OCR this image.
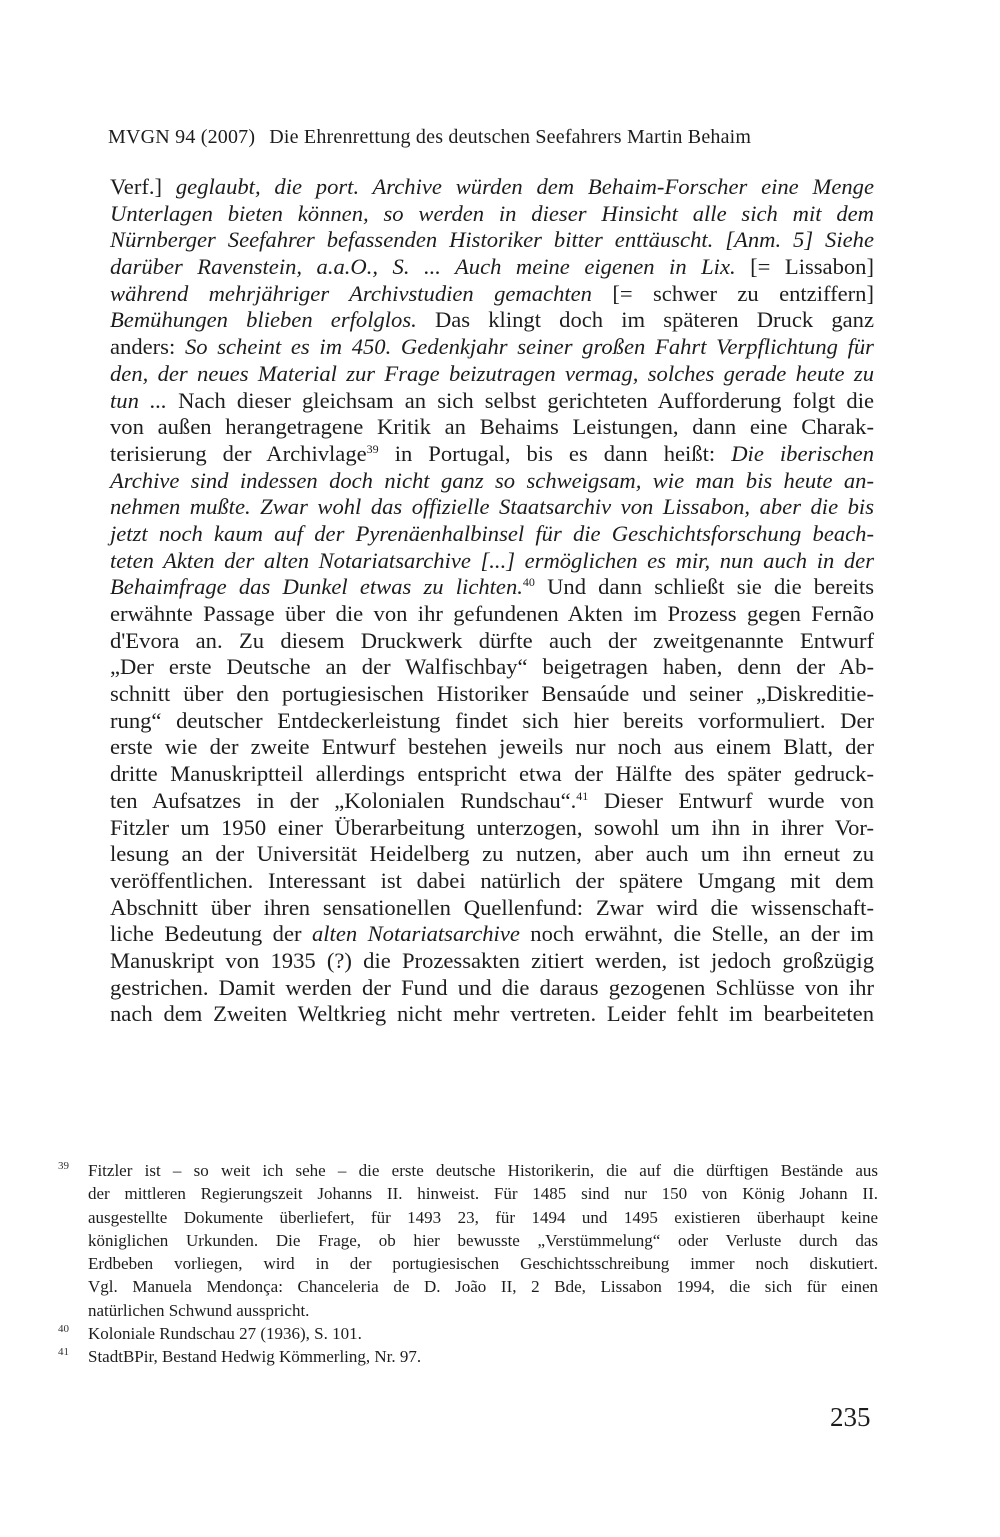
MVGN 94 (2007) Die Ehrenrettung des deutschen Seefahrers Martin Behaim
Verf.] geglaubt, die port. Archive würden dem Behaim-Forscher eine Menge
Unterlagen bieten können, so werden in dieser Hinsicht alle sich mit dem
Nürnberger Seefahrer befassenden Historiker bitter enttäuscht. [Anm. 5] Siehe
darüber Ravenstein, a.a.O., S. ... Auch meine eigenen in Lix. [= Lissabon]
während mehrjähriger Archivstudien gemachten [= schwer zu entziffern]
Bemühungen blieben erfolglos. Das klingt doch im späteren Druck ganz
anders: So scheint es im 450. Gedenkjahr seiner großen Fahrt Verpflichtung für
den, der neues Material zur Frage beizutragen vermag, solches gerade heute zu
tun ... Nach dieser gleichsam an sich selbst gerichteten Aufforderung folgt die
von außen herangetragene Kritik an Behaims Leistungen, dann eine Charak-
terisierung der Archivlage$^{39}$ in Portugal, bis es dann heißt: Die iberischen
Archive sind indessen doch nicht ganz so schweigsam, wie man bis heute an-
nehmen mußte. Zwar wohl das offizielle Staatsarchiv von Lissabon, aber die bis
jetzt noch kaum auf der Pyrenäenhalbinsel für die Geschichtsforschung beach-
teten Akten der alten Notariatsarchive [...] ermöglichen es mir, nun auch in der
Behaimfrage das Dunkel etwas zu lichten.$^{40}$ Und dann schließt sie die bereits
erwähnte Passage über die von ihr gefundenen Akten im Prozess gegen Fernão
d'Evora an. Zu diesem Druckwerk dürfte auch der zweitgenannte Entwurf
„Der erste Deutsche an der Walfischbay“ beigetragen haben, denn der Ab-
schnitt über den portugiesischen Historiker Bensaúde und seiner „Diskreditie-
rung“ deutscher Entdeckerleistung findet sich hier bereits vorformuliert. Der
erste wie der zweite Entwurf bestehen jeweils nur noch aus einem Blatt, der
dritte Manuskriptteil allerdings entspricht etwa der Hälfte des später gedruck-
ten Aufsatzes in der „Kolonialen Rundschau“.$^{41}$ Dieser Entwurf wurde von
Fitzler um 1950 einer Überarbeitung unterzogen, sowohl um ihn in ihrer Vor-
lesung an der Universität Heidelberg zu nutzen, aber auch um ihn erneut zu
veröffentlichen. Interessant ist dabei natürlich der spätere Umgang mit dem
Abschnitt über ihren sensationellen Quellenfund: Zwar wird die wissenschaft-
liche Bedeutung der alten Notariatsarchive noch erwähnt, die Stelle, an der im
Manuskript von 1935 (?) die Prozessakten zitiert werden, ist jedoch großzügig
gestrichen. Damit werden der Fund und die daraus gezogenen Schlüsse von ihr
nach dem Zweiten Weltkrieg nicht mehr vertreten. Leider fehlt im bearbeiteten
39	Fitzler ist – so weit ich sehe – die erste deutsche Historikerin, die auf die dürftigen Bestände aus
der mittleren Regierungszeit Johanns II. hinweist. Für 1485 sind nur 150 von König Johann II.
ausgestellte Dokumente überliefert, für 1493 23, für 1494 und 1495 existieren überhaupt keine
königlichen Urkunden. Die Frage, ob hier bewusste „Verstümmelung“ oder Verluste durch das
Erdbeben vorliegen, wird in der portugiesischen Geschichtsschreibung immer noch diskutiert.
Vgl. Manuela Mendonça: Chanceleria de D. João II, 2 Bde, Lissabon 1994, die sich für einen
natürlichen Schwund ausspricht.
40	Koloniale Rundschau 27 (1936), S. 101.
41	StadtBPir, Bestand Hedwig Kömmerling, Nr. 97.
235
